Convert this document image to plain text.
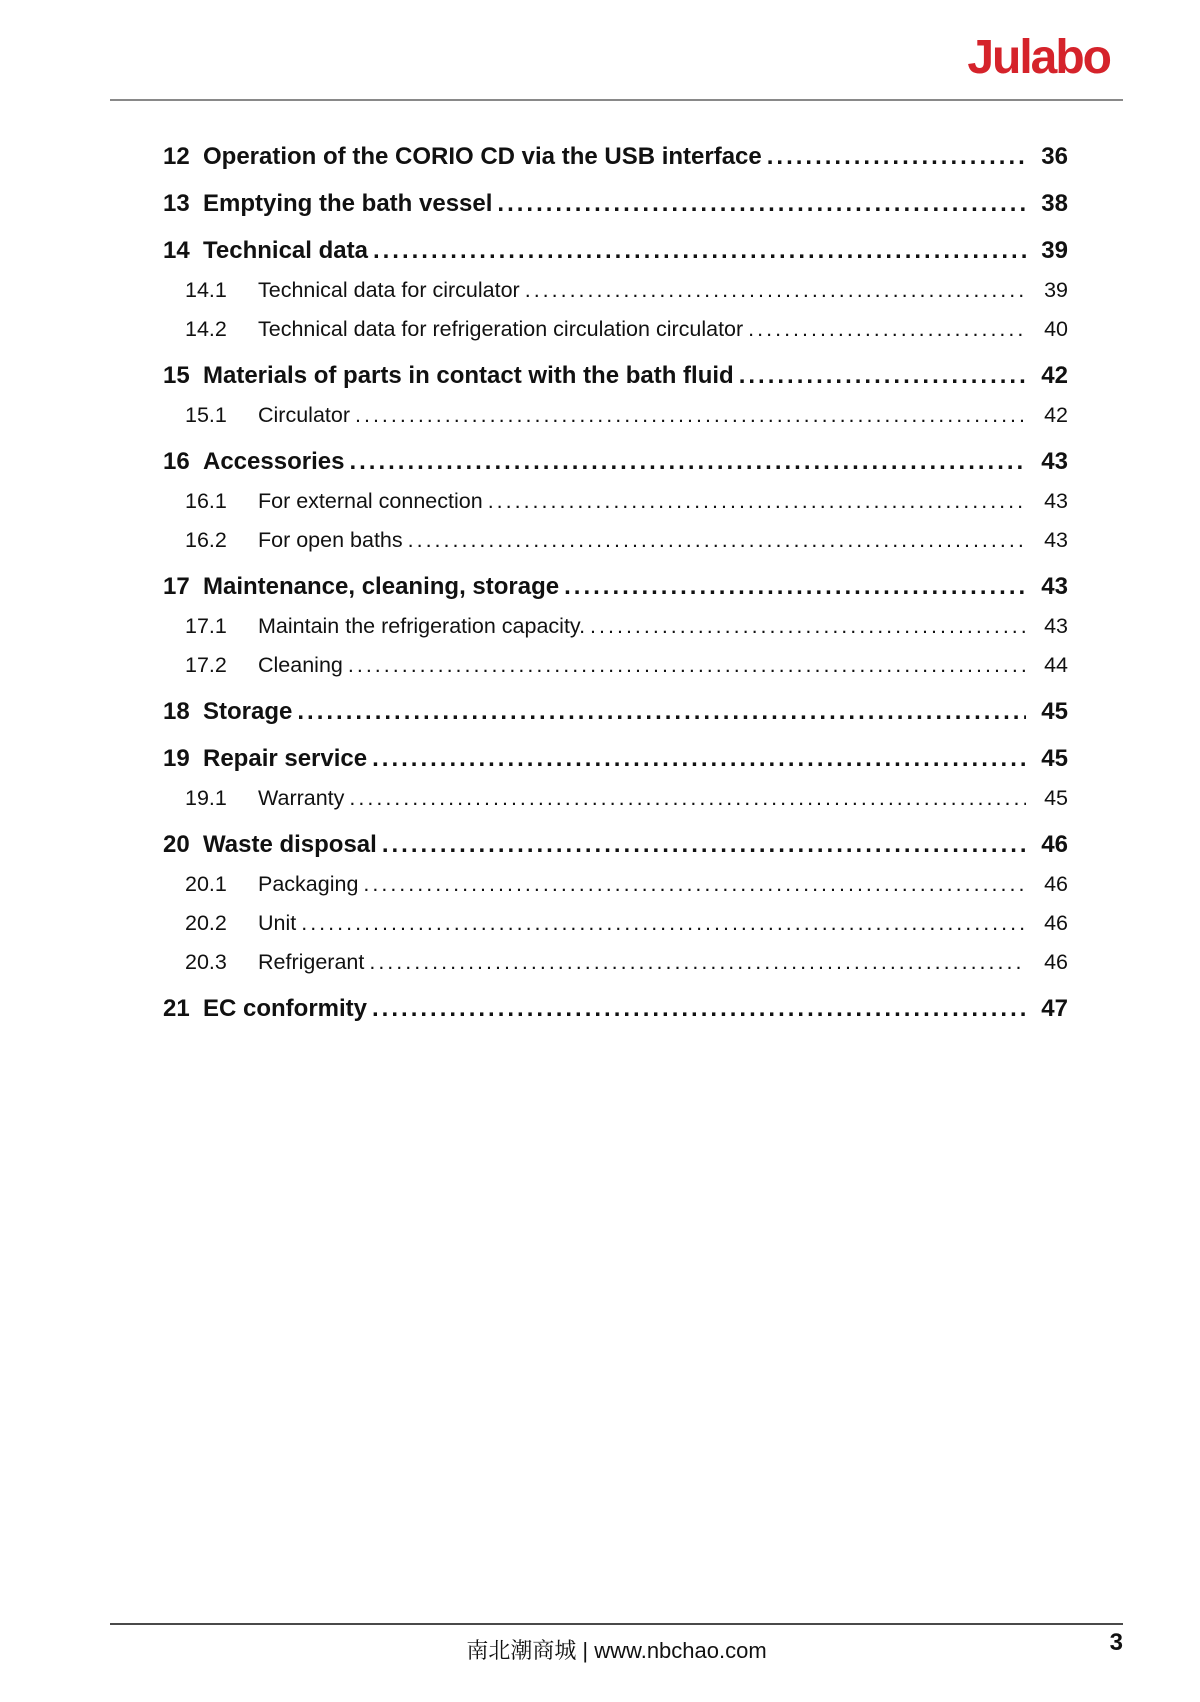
Julabo
12 Operation of the CORIO CD via the USB interface .....	36
13 Emptying the bath vessel .....	38
14 Technical data .....	39
14.1	Technical data for circulator .....	39
14.2	Technical data for refrigeration circulation circulator .....	40
15 Materials of parts in contact with the bath fluid .....	42
15.1	Circulator .....	42
16 Accessories .....	43
16.1	For external connection .....	43
16.2	For open baths .....	43
17 Maintenance, cleaning, storage .....	43
17.1	Maintain the refrigeration capacity. .....	43
17.2	Cleaning .....	44
18 Storage .....	45
19 Repair service .....	45
19.1	Warranty .....	45
20 Waste disposal .....	46
20.1	Packaging .....	46
20.2	Unit .....	46
20.3	Refrigerant .....	46
21 EC conformity .....	47
南北潮商城 | www.nbchao.com	3
